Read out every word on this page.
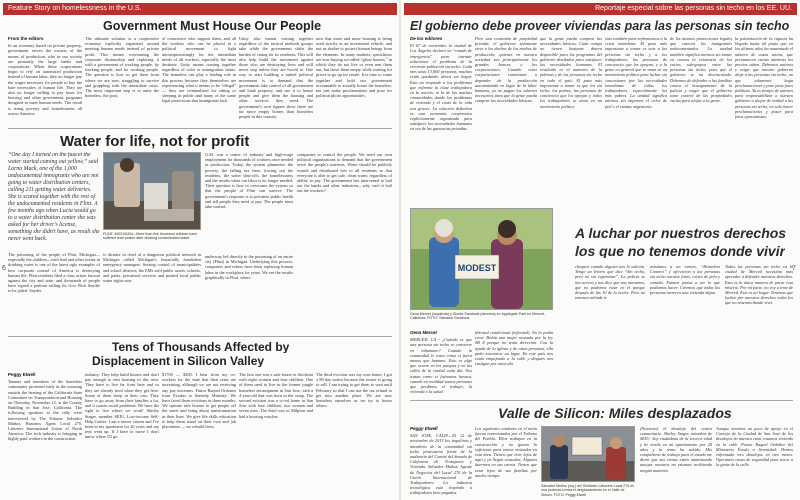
Feature Story on homelessness in the U.S.	Reportaje especial sobre las personas sin techo en los EE. UU.
Government Must House Our People
From the editors

In an economy based on private property, government serves the owners of the means of production, who in our society are primarily the large banks and corporations. When these corporations begin to rely on automated production instead of human labor, they no longer pay the wages necessary for people to buy the bare necessities of human life. They are also no longer willing to pay taxes for housing and other government programs designed to meet human needs. The result is rising poverty and homelessness all across America.

The ultimate solution is a cooperative economy explicitly organized around meeting human needs instead of private profit. This means overturning the corporate dictatorship and replacing it with a government of working people, by working people, and for working people. The question is how to get there from where we are now, struggling to survive and grappling with the immediate crisis. The most important step is to unite the homeless, the poor,

of conscience who support them, and all the workers who can be placed in a political movement to fight uncompromisingly for the immediate needs of all workers, especially the most destitute. Unity means coming together regardless of color or immigration status. The homeless can play a leading role in this process because they themselves are experiencing what it means to be “illegal” — they are criminalized for sitting or sleeping in public and many of the same legal protections that immigrants lack.

Unity also means coming together regardless of the tactical methods groups take while the government shifts the burden of caring for its residents. This will also help build the movement against those who are destroying lives and will never stop unless they are forced to. One way to start building a united political movement is to demand that the government take control of all government and bank property, and use it to house people and give them the housing and other services they need. The government's own figures show there are far more empty homes than homeless people in this country.

now that more and more housing is being used strictly as an investment vehicle, and not as shelter to protect human beings from the elements. In many markets, speculators are now buying so-called “ghost houses,” in which they do not live or even rent them out, but leave them empty while waiting for prices to go up for resale. It is time to come together and hold our government accountable to actually house the homeless, not just make proclamations and pose for political photo opportunities.

Water for life, not for profit
“One day I turned on the faucet the water started coming out yellow,” said Lorna Mack, one of the 1,000 undocumented immigrants who are not going to water distribution centers, calling 211 getting water deliveries. She is scared together with the rest of the undocumented residents in Flint. A few months ago when Lucia would go to a water distribution center she was asked for her driver's license, something she didn't have, as result she never went back.
FLINT, MICHIGAN—More than five thousand children have suffered lead poison after drinking contaminated water.

G.M. was a center of industry and high-wage employment for thousands of workers once needed in production. Today, the system plummets: the poverty, the falling tax base, forcing out the residents, the water shut-offs, the homelessness and the results when our labor is no longer needed. Their question is how to overcome the system so that the people of Flint can survive. The government's response is to privatize public health and tell people they need to pay. The people must take control.

companies to control the people. We need our own political organizations to demand that the government serve the people's interests. Water should be publicly owned and distributed free to all residents so that everyone is able to get safe, clean water, regardless of ability to pay. The government has intervened to bail out the banks and other industries—why can't it bail out the workers?

The poisoning of the people of Flint, Michigan—especially the children—with lead and other toxins in drinking water is one of the latest ugly examples of how corporate control of America is destroying human life. Flint residents filed a class action lawsuit against the city and state, and thousands of people have signed a petition calling for Gov. Rick Snyder to be jailed. Snyder

is dictator in chief of a dangerous political network in Michigan called Michigan's financially fraudulent emergency managers. Seizing control of municipalities and school districts, the EMs sold public assets, schools, and parks, privatized services and pushed local public water rights now

underway led directly to the poisoning of an entire city (Flint) in Michigan. Underlying this process, computers and robots have been replacing human labor in the workplace for years. We see the results graphically in Flint, where

6
Tens of Thousands Affected by
Displacement in Silicon Valley
Peggy Elwell

Tenants and members of the homeless community protested early in the morning outside the hearing of the California State Committee on Transportation and Housing on Thursday, November 12, at the County Building in San Jose, California. The following speakers at the rally were interviewed by The Tribune. Salvador Muñoz, Business Agent Local 270, Laborers International Union of North America: The tech industry is bringing in highly paid workers in the construction

industry. They help build houses and don't pay enough to rent housing in this area. They have to live far from here and so they are already tired when they get here. Some of them sleep in their cars. They have to go away from their families a lot, and it causes social problems. We have the right to live where we work! Shirley Stager, member SEIU, Low-income Self-Help Center: I am a senior citizen and I've been in my apartment for 20 years and my rent went up. If I have to move I don't know where I'll go.

$1700 — $200. I hear from my co-workers for the state that their rents are increasing, although we are not receiving any pay increases. Pastor Raquel Ordonez from Exodus to Serenity Ministry: We have faced three evictions in three months. We operate safe houses to get people off the street and bring about transformation in their lives. We give life skills education to help them stand on their own and job placement — we rebuild lives.

The first one was a safe house in Stockton with eight women and four children. One of them used to live in the former jungle homeless encampment in San Jose, with a 4-year-old that was born in the camp. The second eviction was a co-ed home in San Jose with four children, two women and seven men. The third was in Milpitas and had a housing voucher.

The third eviction was my own home; I got a 90-day notice because the owner is going to sell. I am trying to get them to wait until February so that I can use the tax refund to get into another place. We are now homeless ourselves as we try to house others.

El gobierno debe proveer viviendas para las personas sin techo
De los editores

El 67 de noviembre la ciudad de Los Ángeles declaró un “estado de emergencia” para intentar solucionar el problema de la creciente población sin techo. Cada mes unas 13,000 personas, muchas están quedando ahora sin hogar. Esto no responde a los problemas que enfrenta la clase trabajadora en la nación, ni la de las muchas comunidades donde los problemas de vivienda y el costo de la vida son graves. La solución definitiva es una economía cooperativa explícitamente organizada para satisfacer las necesidades humanas en vez de las ganancias privadas.

Pero una economía de propiedad privada, el gobierno solamente sirve a los dueños de los medios de producción, quienes en nuestra sociedad son principalmente los grandes bancos y las corporaciones. Cuando estas corporaciones comienzan a depender de la producción automatizada en lugar de la labor humana, ya no pagan los salarios necesarios para que la gente pueda comprar las necesidades básicas.

que la gente pueda comprar las necesidades básicas. Cada campo no tienen bastante dinero disponible para los programas del gobierno diseñados para satisfacer las necesidades humanas. El resultado es el aumento de la pobreza y de las personas sin techo en todo el país. El paso más importante a tomar es que los sin techo, los pobres, las personas de conciencia que los apoyan y todos los trabajadores se unan en un movimiento político.

sino también para enfrentarnos a la crisis inmediata. El paso más importante a tomar es unir a las personas sin techo y a los trabajadores, las personas de conciencia que los apoyan, y a la gente en general que se unan en un movimiento político para luchar sin concesiones por las necesidades inmediatas de todos los trabajadores, especialmente los más pobres. La unidad significa unirnos sin importar el color de piel o el estatus migratorio.

de los mismos protecciones legales que carecen los inmigrantes indocumentados. La unidad también significa unirnos sin tomar en cuenta la existencia de los varios sub-grupos entre las personas sin techo, pues que el gobierno se ha desvinculado. Debemos de defender a las familias contra el hostigamiento de la policía y exigir que el gobierno tome control de las propiedades vacías para alojar a la gente.

la polarización de la riqueza ha llegado hasta tal punto que en los últimos años ha aumentado el número de casas vacías, que permanecen vacías mientras los precios suben. Debemos unirnos y exigir que nuestro gobierno aloje a las personas sin techo, no que solamente haga proclamaciones y pose para fotos políticas. Ya es tiempo de unirnos para responsabilizar a nuestro gobierno a alojar de verdad a las personas sin techo, no solo hacer proclamaciones y posar para fotos oportunistas.

MODEST
Gena Mercer (izquierda) y Glorita Sandoval (derecha) en Applegate Park en Merced, California. FOTO: Salvador Sandoval
A luchar por nuestros derechos
los que no tenemos donde vivir
Gena Mercer

MERCED, CA - ¿Cuándo es que una persona sin techo se convierte en inhumano? Cuando la comunidad le trata como si fuera menos que humano. Esto es algo que ocurre en los parques y en las calles de la ciudad cada día. Nos tratan como si fuéramos basura, cuando en realidad somos personas que perdimos el trabajo, la vivienda o la salud.

libertad condicional (informal). No lo podía creer. Había una mujer acusada por la ley SB 8 porque no tenía dirección. Con la ayuda de la iglesia y de otras personas, ella pudo encontrar un lugar. En este país nos están empujando a la calle y después nos castigan por estar ahí.

chequeó cuando alguien nos lo solicita. Tengo un letrero que dice “Sin techo, pero no sin esperanza”. La policía se nos acerca y nos dice que nos movamos, que no podemos estar en el parque después de las 10 de la noche. Pero no tenemos adónde ir.

asistimos a un evento, “Homeless Connect” y ofrecieron a las personas sin techo sacarse fotos, cortes de pelo y comida. Fuimos juntas a ver lo que podíamos hacer. Creemos que todas las personas merecen una vivienda digna.

Todas las personas sin techo en la ciudad de Merced necesitan más aprender a defender nuestros derechos. Esta es la única manera de parar esta miseria. Por mi parte, no voy a irme de Merced. Este es mi hogar. Tenemos que luchar por nuestros derechos todos los que no tenemos donde vivir.

7
Valle de Silicon: Miles desplazados
Peggy Elwell

SAN JOSE, CALIF.—El 12 de noviembre de 2015 los inquilinos y miembros de la comunidad sin techo protestaron frente de la audiencia del Comité del Senado de California de Transporte y Vivienda. Salvador Muñoz, Agente de Negocios del Local 270 de la Unión Internacional de Trabajadores: La industria tecnológica está trayendo a trabajadores bien pagados.

Los siguientes oradores en el mitin fueron entrevistados por el Tribuno del Pueblo. Ellos trabajan en la construcción y no ganan lo suficiente para rentar viviendas en esta área. Tienen que vivir lejos de aquí y ya llegan cansados. Algunos duermen en sus carros. Tienen que estar lejos de sus familias por mucho tiempo.

Salvador Muñoz (izq.) del Sindicato Laborers Local 270 en una protesta contra el desplazamiento en el Valle de Silicon. FOTO: Peggy Elwell

(Nosotros) el desalojo del centro comunitario. Shirley Stager, miembro de SEIU: Soy ciudadana de la tercera edad y he vivido en mi apartamento por 20 años y la renta ha subido. Mis compañeros de trabajo para el estado me dicen que sus rentas están aumentando aunque nosotros no estamos recibiendo ningún aumento.

Aunque tenemos un poco de apoyo en el Consejo de la Ciudad de San José de los desalojos de nuestra casa, estamos viviendo en la calle. Pastor Raquel Ordóñez del Ministerio Éxodo a Serenidad: Hemos enfrentado tres desalojos en tres meses. Operamos casas de seguridad para sacar a la gente de la calle.
